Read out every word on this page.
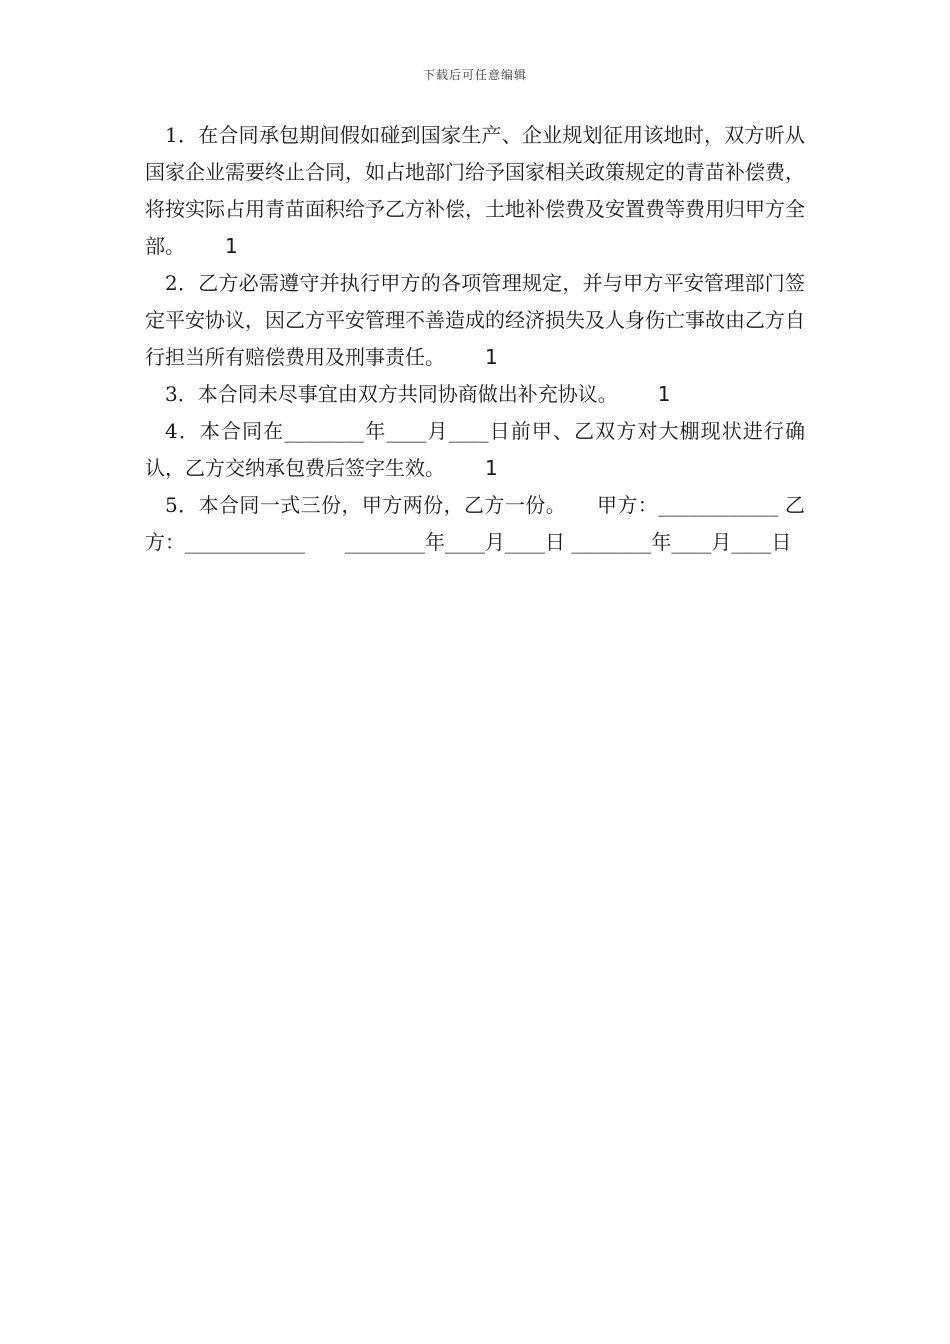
下载后可任意编辑

1．在合同承包期间假如碰到国家生产、企业规划征用该地时，双方听从国家企业需要终止合同，如占地部门给予国家相关政策规定的青苗补偿费，将按实际占用青苗面积给予乙方补偿，土地补偿费及安置费等费用归甲方全部。 1

2．乙方必需遵守并执行甲方的各项管理规定，并与甲方平安管理部门签定平安协议，因乙方平安管理不善造成的经济损失及人身伤亡事故由乙方自行担当所有赔偿费用及刑事责任。 1

3．本合同未尽事宜由双方共同协商做出补充协议。 1

4．本合同在________年____月____日前甲、乙双方对大棚现状进行确认，乙方交纳承包费后签字生效。 1

5．本合同一式三份，甲方两份，乙方一份。　　甲方：____________ 乙方：____________　　________年____月____日 ________年____月____日
